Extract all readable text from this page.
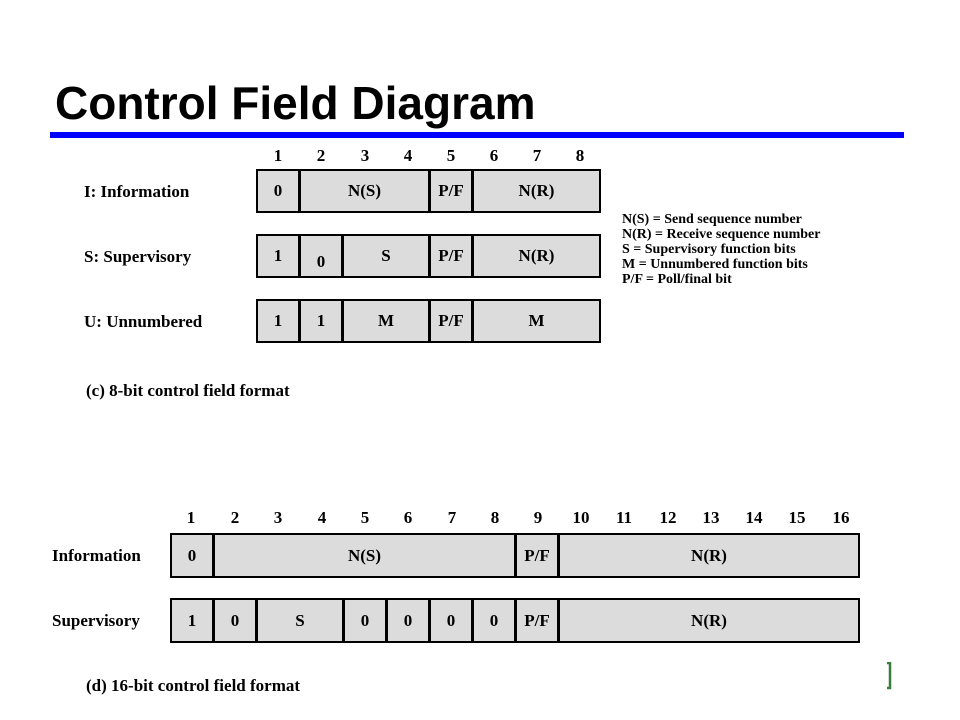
Control Field Diagram
1	2	3	4	5	6	7	8
I: Information	0	N(S)	P/F	N(R)
S: Supervisory	1	0	S	P/F	N(R)
U: Unnumbered	1	1	M	P/F	M
(c) 8-bit control field format
N(S) = Send sequence number
N(R) = Receive sequence number
S = Supervisory function bits
M = Unnumbered function bits
P/F = Poll/final bit
1	2	3	4	5	6	7	8	9	10	11	12	13	14	15	16
Information	0	N(S)	P/F	N(R)
Supervisory	1	0	S	0	0	0	0	P/F	N(R)
(d) 16-bit control field format
